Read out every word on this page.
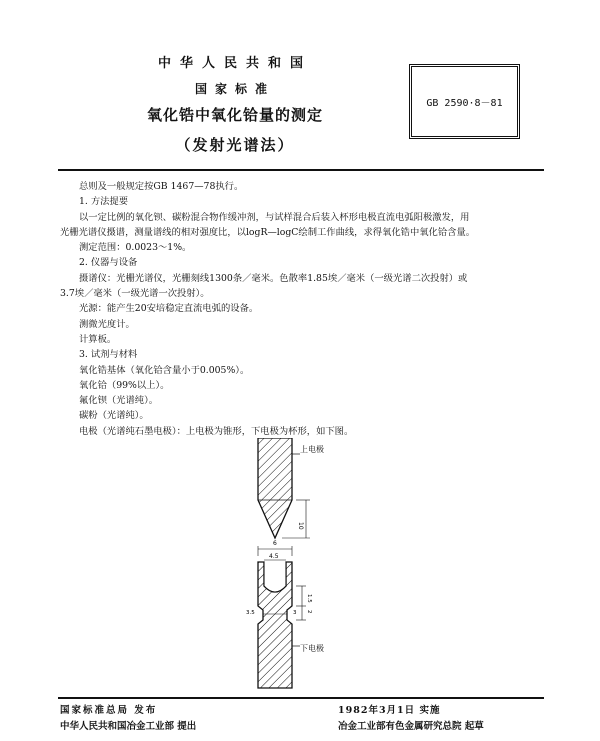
中华人民共和国
国家标准
氧化锆中氧化铪量的测定
（发射光谱法）
GB 2590·8－81

总则及一般规定按GB 1467—78执行。

1. 方法提要

以一定比例的氧化钡、碳粉混合物作缓冲剂，与试样混合后装入杯形电极直流电弧阳极激发，用

光栅光谱仪摄谱，测量谱线的相对强度比，以logR—logC绘制工作曲线，求得氧化锆中氧化铪含量。

测定范围：0.0023～1%。

2. 仪器与设备

摄谱仪：光栅光谱仪，光栅刻线1300条／毫米。色散率1.85埃／毫米（一级光谱二次投射）或

3.7埃／毫米（一级光谱一次投射）。

光源：能产生20安培稳定直流电弧的设备。

测微光度计。

计算板。

3. 试剂与材料

氧化锆基体（氧化铪含量小于0.005%）。

氧化铪（99%以上）。

氟化钡（光谱纯）。

碳粉（光谱纯）。

电极（光谱纯石墨电极）：上电极为锥形，下电极为杯形，如下图。

10
6
4.5
1.5
3 2
3.5
上电极
下电极
国家标准总局 发布
中华人民共和国冶金工业部 提出
1982年3月1日 实施
冶金工业部有色金属研究总院 起草
